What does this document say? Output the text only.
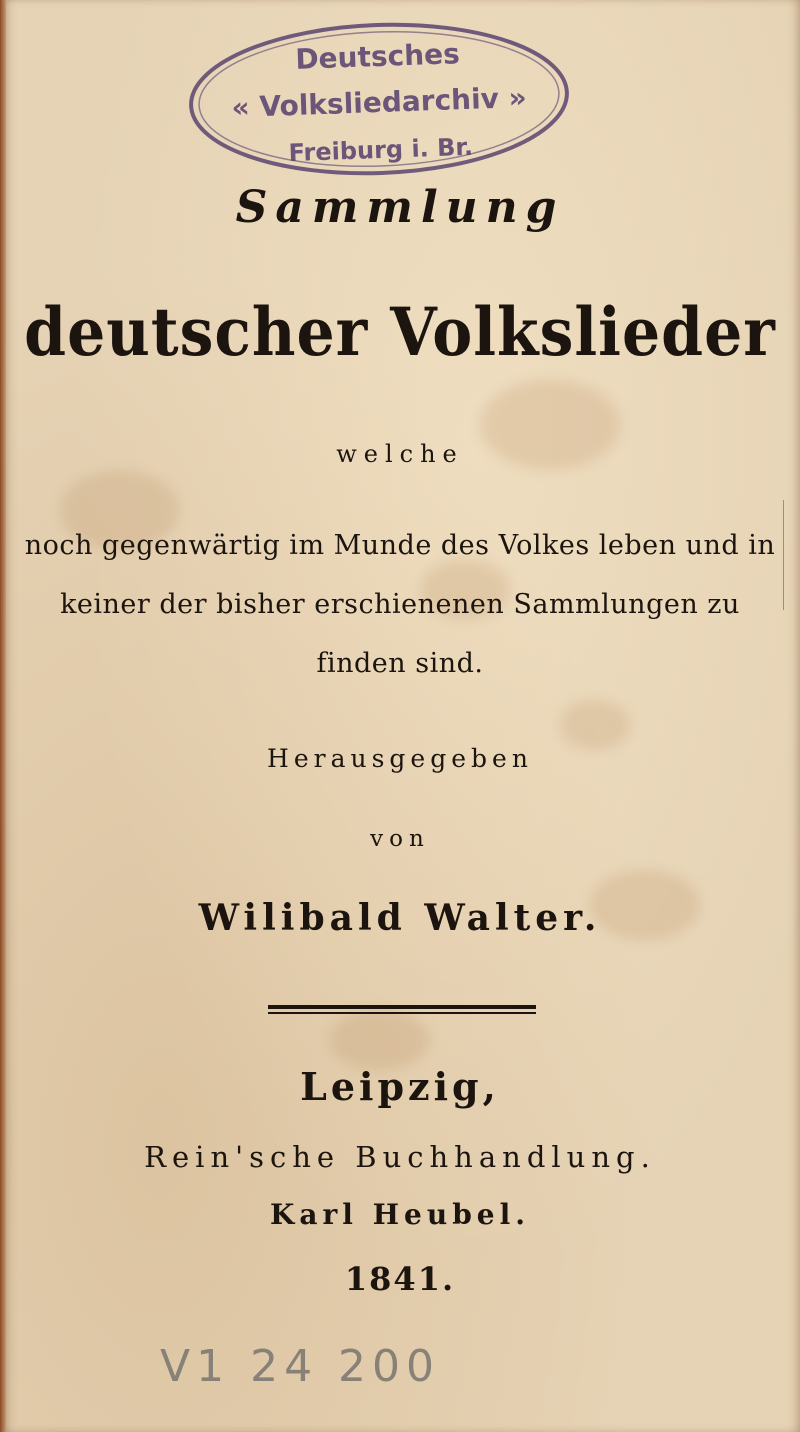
Deutsches
« Volksliedarchiv »
Freiburg i. Br.
Sammlung
deutscher Volkslieder
welche
noch gegenwärtig im Munde des Volkes leben und in
keiner der bisher erschienenen Sammlungen zu
finden sind.
Herausgegeben
von
Wilibald Walter.
Leipzig,
Rein'sche Buchhandlung.
Karl Heubel.
1841.
V1 24 200
